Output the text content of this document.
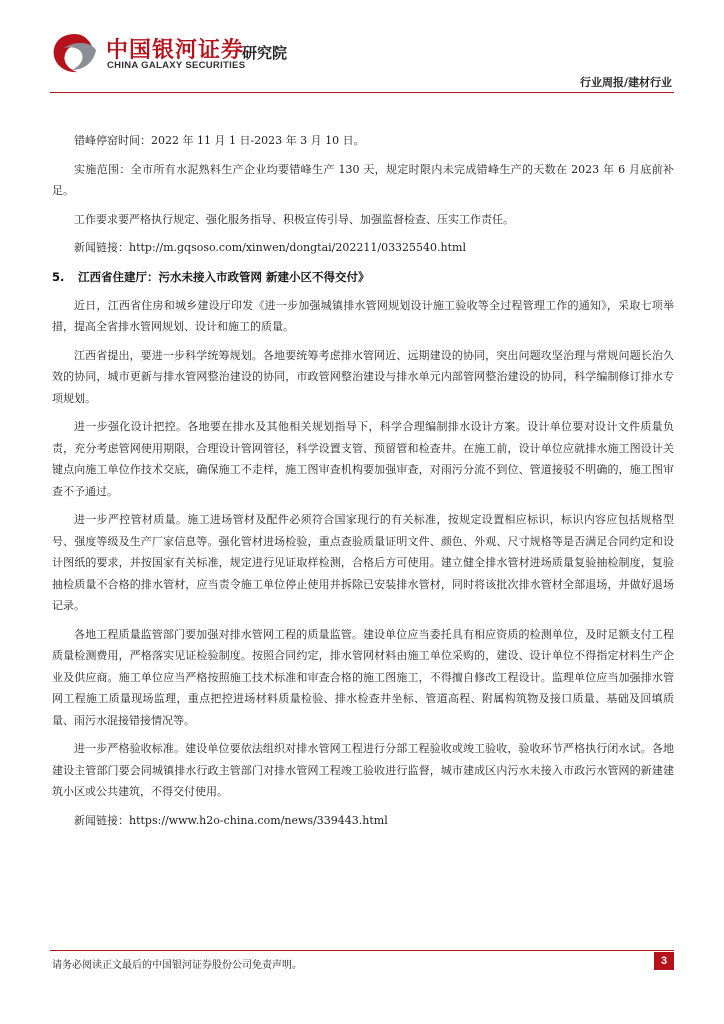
中国银河证券
CHINA GALAXY SECURITIES
研究院
行业周报/建材行业

错峰停窑时间：2022 年 11 月 1 日-2023 年 3 月 10 日。

实施范围：全市所有水泥熟料生产企业均要错峰生产 130 天，规定时限内未完成错峰生产的天数在 2023 年 6 月底前补足。

工作要求要严格执行规定、强化服务指导、积极宣传引导、加强监督检查、压实工作责任。

新闻链接：http://m.gqsoso.com/xinwen/dongtai/202211/03325540.html

5. 江西省住建厅：污水未接入市政管网 新建小区不得交付》

近日，江西省住房和城乡建设厅印发《进一步加强城镇排水管网规划设计施工验收等全过程管理工作的通知》，采取七项举措，提高全省排水管网规划、设计和施工的质量。

江西省提出，要进一步科学统筹规划。各地要统筹考虑排水管网近、远期建设的协同，突出问题攻坚治理与常规问题长治久效的协同，城市更新与排水管网整治建设的协同，市政管网整治建设与排水单元内部管网整治建设的协同，科学编制修订排水专项规划。

进一步强化设计把控。各地要在排水及其他相关规划指导下，科学合理编制排水设计方案。设计单位要对设计文件质量负责，充分考虑管网使用期限，合理设计管网管径，科学设置支管、预留管和检查井。在施工前，设计单位应就排水施工图设计关键点向施工单位作技术交底，确保施工不走样，施工图审查机构要加强审查，对雨污分流不到位、管道接驳不明确的，施工图审查不予通过。

进一步严控管材质量。施工进场管材及配件必须符合国家现行的有关标准，按规定设置相应标识，标识内容应包括规格型号、强度等级及生产厂家信息等。强化管材进场检验，重点查验质量证明文件、颜色、外观、尺寸规格等是否满足合同约定和设计图纸的要求，并按国家有关标准，规定进行见证取样检测，合格后方可使用。建立健全排水管材进场质量复验抽检制度，复验抽检质量不合格的排水管材，应当责令施工单位停止使用并拆除已安装排水管材，同时将该批次排水管材全部退场，并做好退场记录。

各地工程质量监管部门要加强对排水管网工程的质量监管。建设单位应当委托具有相应资质的检测单位，及时足额支付工程质量检测费用，严格落实见证检验制度。按照合同约定，排水管网材料由施工单位采购的，建设、设计单位不得指定材料生产企业及供应商。施工单位应当严格按照施工技术标准和审查合格的施工图施工，不得擅自修改工程设计。监理单位应当加强排水管网工程施工质量现场监理，重点把控进场材料质量检验、排水检查井坐标、管道高程、附属构筑物及接口质量、基础及回填质量、雨污水混接错接情况等。

进一步严格验收标准。建设单位要依法组织对排水管网工程进行分部工程验收或竣工验收，验收环节严格执行闭水试。各地建设主管部门要会同城镇排水行政主管部门对排水管网工程竣工验收进行监督，城市建成区内污水未接入市政污水管网的新建建筑小区或公共建筑，不得交付使用。

新闻链接：https://www.h2o-china.com/news/339443.html

请务必阅读正文最后的中国银河证券股份公司免责声明。	3
